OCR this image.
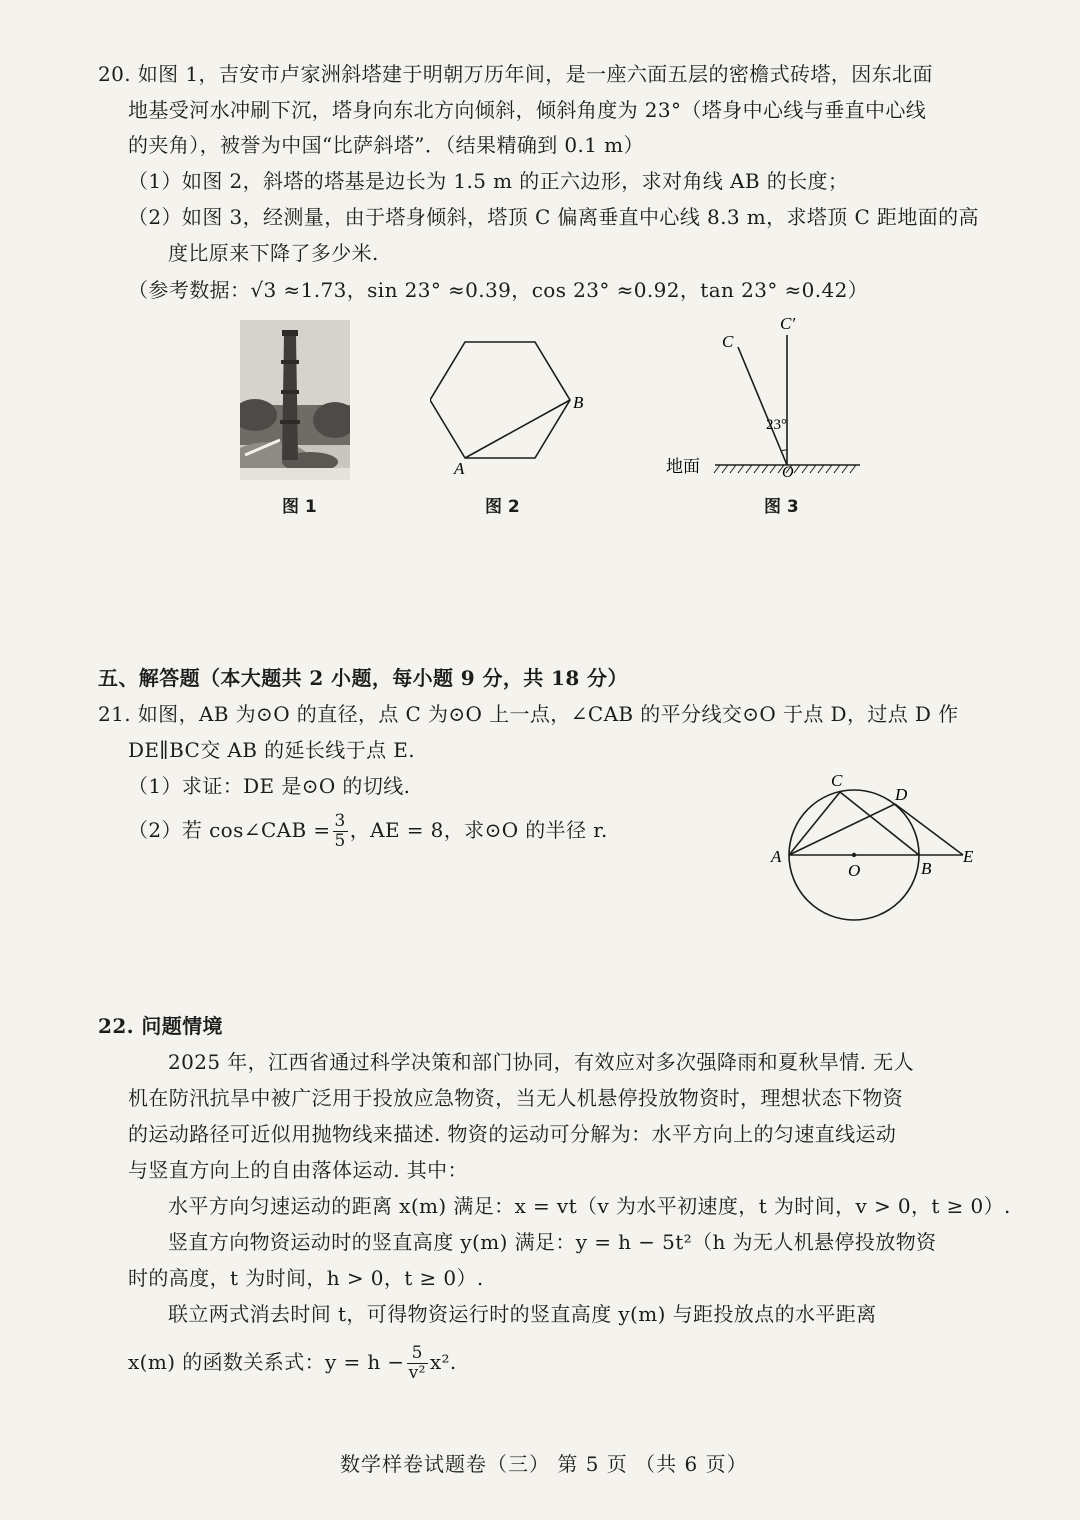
20. 如图 1，吉安市卢家洲斜塔建于明朝万历年间，是一座六面五层的密檐式砖塔，因东北面
地基受河水冲刷下沉，塔身向东北方向倾斜，倾斜角度为 23°（塔身中心线与垂直中心线
的夹角），被誉为中国“比萨斜塔”．（结果精确到 0.1 m）
（1）如图 2，斜塔的塔基是边长为 1.5 m 的正六边形，求对角线 AB 的长度；
（2）如图 3，经测量，由于塔身倾斜，塔顶 C 偏离垂直中心线 8.3 m，求塔顶 C 距地面的高
度比原来下降了多少米.
（参考数据：√3 ≈1.73，sin 23° ≈0.39，cos 23° ≈0.92，tan 23° ≈0.42）
图 1
B
A
图 2
C
C′
23°
O
地面
图 3
五、解答题（本大题共 2 小题，每小题 9 分，共 18 分）
21. 如图，AB 为⊙O 的直径，点 C 为⊙O 上一点，∠CAB 的平分线交⊙O 于点 D，过点 D 作
DE∥BC交 AB 的延长线于点 E.
（1）求证：DE 是⊙O 的切线.
（2）若 cos∠CAB = $\frac{3}{5}$ ，AE = 8，求⊙O 的半径 r.
A
C
D
E
O	B
22. 问题情境
2025 年，江西省通过科学决策和部门协同，有效应对多次强降雨和夏秋旱情. 无人
机在防汛抗旱中被广泛用于投放应急物资，当无人机悬停投放物资时，理想状态下物资
的运动路径可近似用抛物线来描述. 物资的运动可分解为：水平方向上的匀速直线运动
与竖直方向上的自由落体运动. 其中：
水平方向匀速运动的距离 x(m) 满足：x = vt（v 为水平初速度，t 为时间，v > 0，t ≥ 0）.
竖直方向物资运动时的竖直高度 y(m) 满足：y = h − 5t²（h 为无人机悬停投放物资
时的高度，t 为时间，h > 0，t ≥ 0）.
联立两式消去时间 t，可得物资运行时的竖直高度 y(m) 与距投放点的水平距离
x(m) 的函数关系式：$y = h - \frac{5}{\text{v²}} x^2$.
数学样卷试题卷（三） 第 5 页 （共 6 页）
